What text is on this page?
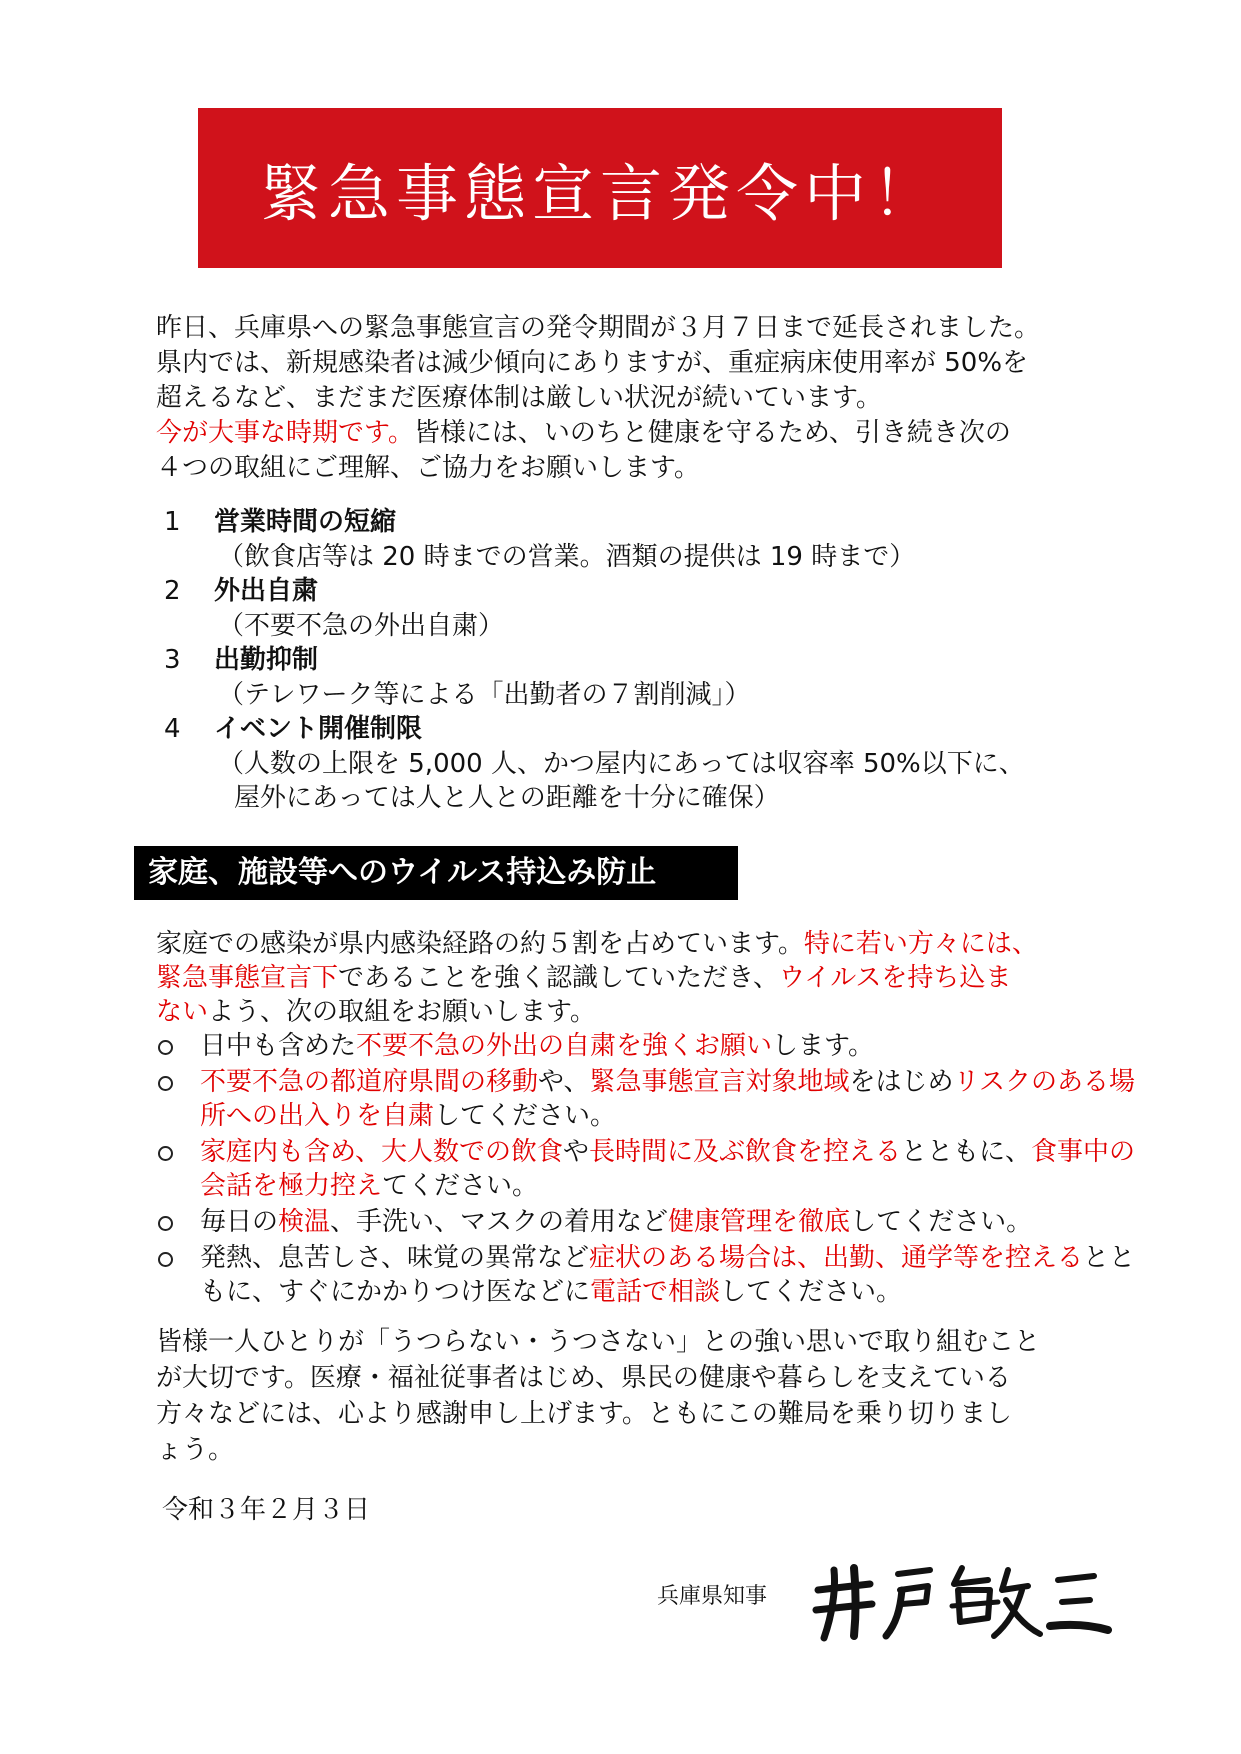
緊急事態宣言発令中！
昨日、兵庫県への緊急事態宣言の発令期間が３月７日まで延長されました。
県内では、新規感染者は減少傾向にありますが、重症病床使用率が 50%を
超えるなど、まだまだ医療体制は厳しい状況が続いています。
今が大事な時期です。皆様には、いのちと健康を守るため、引き続き次の
４つの取組にご理解、ご協力をお願いします。
1 営業時間の短縮
（飲食店等は 20 時までの営業。酒類の提供は 19 時まで）
2 外出自粛
（不要不急の外出自粛）
3 出勤抑制
（テレワーク等による「出勤者の７割削減」）
4 イベント開催制限
（人数の上限を 5,000 人、かつ屋内にあっては収容率 50%以下に、
屋外にあっては人と人との距離を十分に確保）
家庭、施設等へのウイルス持込み防止
家庭での感染が県内感染経路の約５割を占めています。特に若い方々には、
緊急事態宣言下であることを強く認識していただき、ウイルスを持ち込ま
ないよう、次の取組をお願いします。
日中も含めた不要不急の外出の自粛を強くお願いします。
不要不急の都道府県間の移動や、緊急事態宣言対象地域をはじめリスクのある場所への出入りを自粛してください。
家庭内も含め、大人数での飲食や長時間に及ぶ飲食を控えるとともに、食事中の会話を極力控えてください。
毎日の検温、手洗い、マスクの着用など健康管理を徹底してください。
発熱、息苦しさ、味覚の異常など症状のある場合は、出勤、通学等を控えるとともに、すぐにかかりつけ医などに電話で相談してください。
皆様一人ひとりが「うつらない・うつさない」との強い思いで取り組むこと
が大切です。医療・福祉従事者はじめ、県民の健康や暮らしを支えている
方々などには、心より感謝申し上げます。ともにこの難局を乗り切りまし
ょう。
令和３年２月３日
兵庫県知事
